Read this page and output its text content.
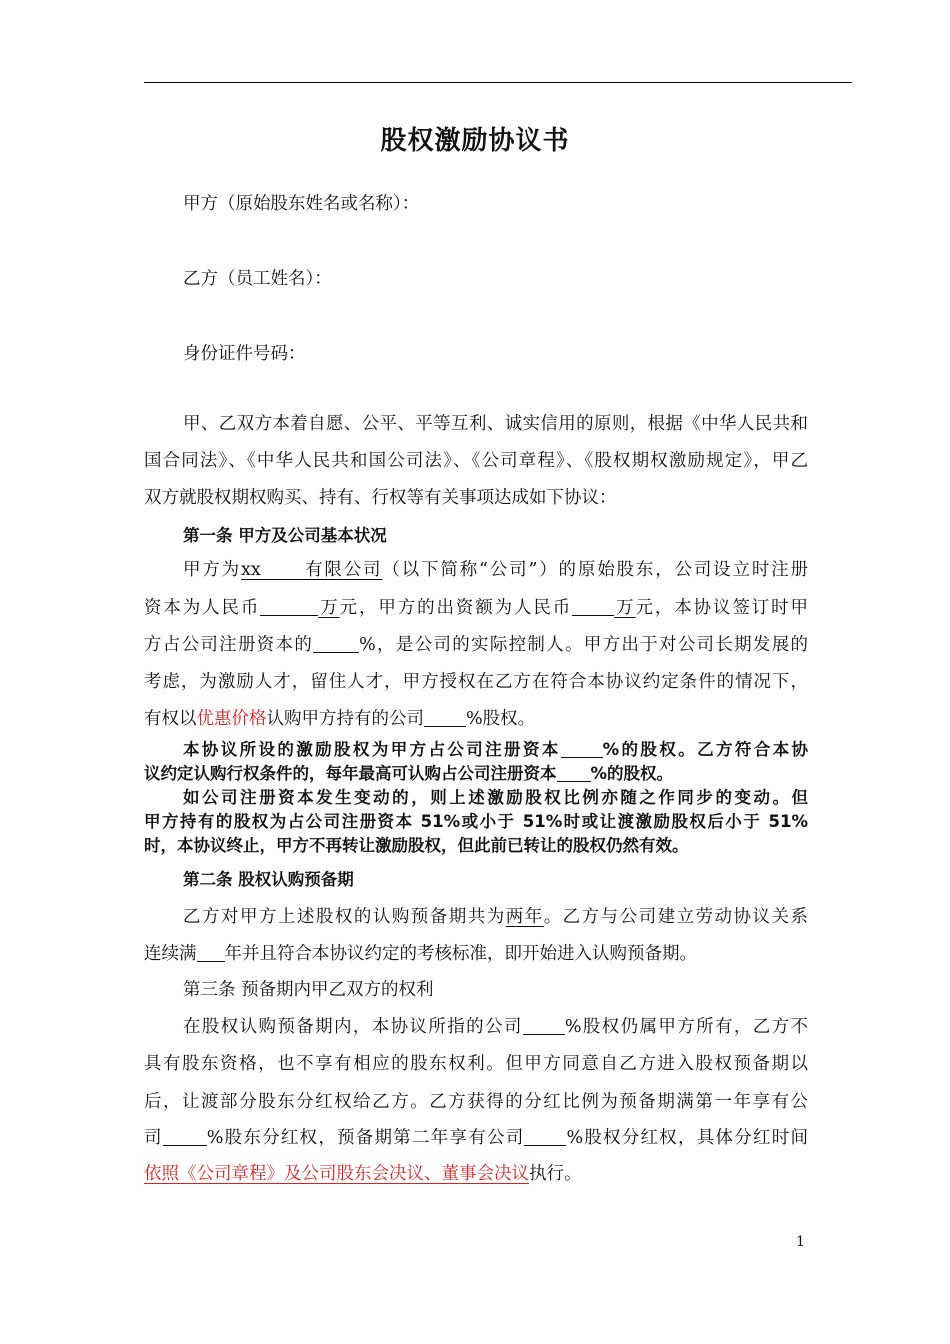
股权激励协议书

甲方（原始股东姓名或名称）：

乙方（员工姓名）：

身份证件号码：

甲、乙双方本着自愿、公平、平等互利、诚实信用的原则，根据《中华人民共和

国合同法》、《中华人民共和国公司法》、《公司章程》、《股权期权激励规定》，甲乙

双方就股权期权购买、持有、行权等有关事项达成如下协议：

第一条 甲方及公司基本状况

甲方为xx      有限公司（以下简称“公司”）的原始股东，公司设立时注册

资本为人民币	万元，甲方的出资额为人民币 万元，本协议签订时甲

方占公司注册资本的	%，是公司的实际控制人。甲方出于对公司长期发展的

考虑，为激励人才，留住人才，甲方授权在乙方在符合本协议约定条件的情况下，

有权以优惠价格认购甲方持有的公司 %股权。

本协议所设的激励股权为甲方占公司注册资本	%的股权。乙方符合本协

议约定认购行权条件的，每年最高可认购占公司注册资本 %的股权。

如公司注册资本发生变动的，则上述激励股权比例亦随之作同步的变动。但

甲方持有的股权为占公司注册资本 51%或小于 51%时或让渡激励股权后小于 51%

时，本协议终止，甲方不再转让激励股权，但此前已转让的股权仍然有效。

第二条 股权认购预备期

乙方对甲方上述股权的认购预备期共为两年。乙方与公司建立劳动协议关系

连续满 年并且符合本协议约定的考核标准，即开始进入认购预备期。

第三条 预备期内甲乙双方的权利

在股权认购预备期内，本协议所指的公司 %股权仍属甲方所有，乙方不

具有股东资格，也不享有相应的股东权利。但甲方同意自乙方进入股权预备期以

后，让渡部分股东分红权给乙方。乙方获得的分红比例为预备期满第一年享有公

司	%股东分红权，预备期第二年享有公司 %股权分红权，具体分红时间

依照《公司章程》及公司股东会决议、董事会决议执行。

1
